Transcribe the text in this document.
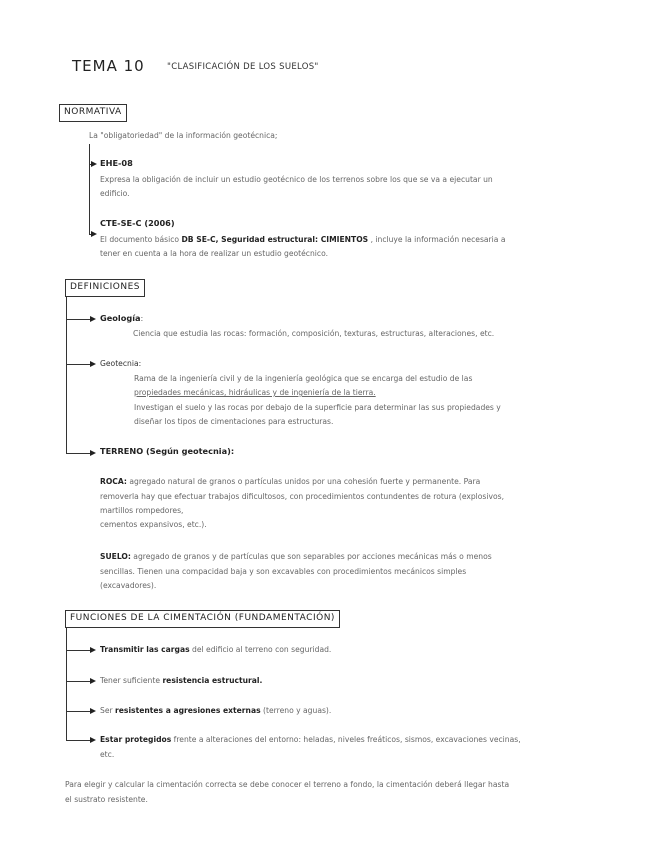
TEMA 10	"CLASIFICACIÓN DE LOS SUELOS"
NORMATIVA
La "obligatoriedad" de la información geotécnica;
EHE-08
Expresa la obligación de incluir un estudio geotécnico de los terrenos sobre los que se va a ejecutar un
edificio.
CTE-SE-C (2006)
El documento básico DB SE-C, Seguridad estructural: CIMIENTOS , incluye la información necesaria a
tener en cuenta a la hora de realizar un estudio geotécnico.
DEFINICIONES
Geología:
Ciencia que estudia las rocas: formación, composición, texturas, estructuras, alteraciones, etc.
Geotecnia:
Rama de la ingeniería civil y de la ingeniería geológica que se encarga del estudio de las
propiedades mecánicas, hidráulicas y de ingeniería de la tierra.
Investigan el suelo y las rocas por debajo de la superficie para determinar las sus propiedades y
diseñar los tipos de cimentaciones para estructuras.
TERRENO (Según geotecnia):
ROCA: agregado natural de granos o partículas unidos por una cohesión fuerte y permanente. Para
removerla hay que efectuar trabajos dificultosos, con procedimientos contundentes de rotura (explosivos,
martillos rompedores,
cementos expansivos, etc.).
SUELO: agregado de granos y de partículas que son separables por acciones mecánicas más o menos
sencillas. Tienen una compacidad baja y son excavables con procedimientos mecánicos simples
(excavadores).
FUNCIONES DE LA CIMENTACIÓN (FUNDAMENTACIÓN)
Transmitir las cargas del edificio al terreno con seguridad.
Tener suficiente resistencia estructural.
Ser resistentes a agresiones externas (terreno y aguas).
Estar protegidos frente a alteraciones del entorno: heladas, niveles freáticos, sismos, excavaciones vecinas,
etc.
Para elegir y calcular la cimentación correcta se debe conocer el terreno a fondo, la cimentación deberá llegar hasta
el sustrato resistente.
